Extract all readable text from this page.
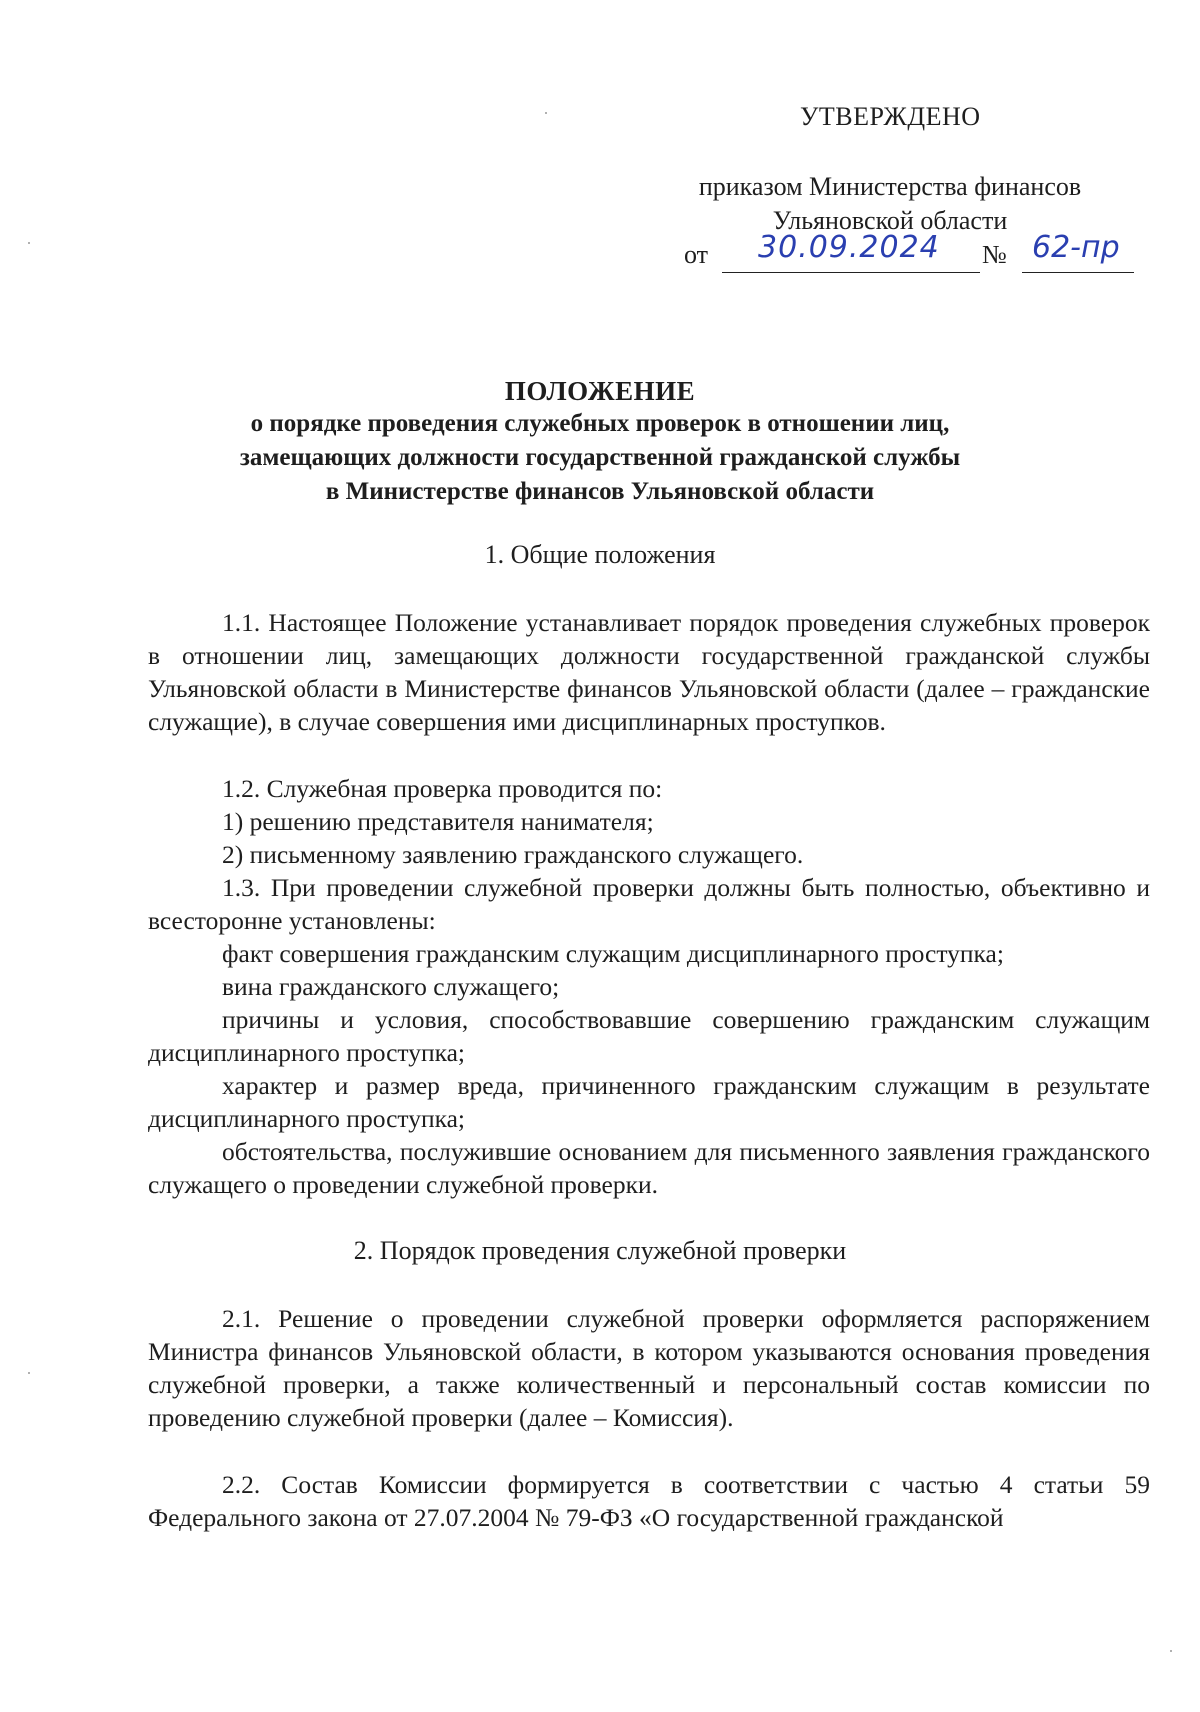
УТВЕРЖДЕНО
приказом Министерства финансов
Ульяновской области
от 30.09.2024 № 62-пр
ПОЛОЖЕНИЕ
о порядке проведения служебных проверок в отношении лиц,
замещающих должности государственной гражданской службы
в Министерстве финансов Ульяновской области
1. Общие положения
1.1. Настоящее Положение устанавливает порядок проведения служебных проверок в отношении лиц, замещающих должности государственной гражданской службы Ульяновской области в Министерстве финансов Ульяновской области (далее – гражданские служащие), в случае совершения ими дисциплинарных проступков.
1.2. Служебная проверка проводится по:
1) решению представителя нанимателя;
2) письменному заявлению гражданского служащего.
1.3. При проведении служебной проверки должны быть полностью, объективно и всесторонне установлены:
факт совершения гражданским служащим дисциплинарного проступка;
вина гражданского служащего;
причины и условия, способствовавшие совершению гражданским служащим дисциплинарного проступка;
характер и размер вреда, причиненного гражданским служащим в результате дисциплинарного проступка;
обстоятельства, послужившие основанием для письменного заявления гражданского служащего о проведении служебной проверки.
2. Порядок проведения служебной проверки
2.1. Решение о проведении служебной проверки оформляется распоряжением Министра финансов Ульяновской области, в котором указываются основания проведения служебной проверки, а также количественный и персональный состав комиссии по проведению служебной проверки (далее – Комиссия).
2.2. Состав Комиссии формируется в соответствии с частью 4 статьи 59 Федерального закона от 27.07.2004 № 79-ФЗ «О государственной гражданской
